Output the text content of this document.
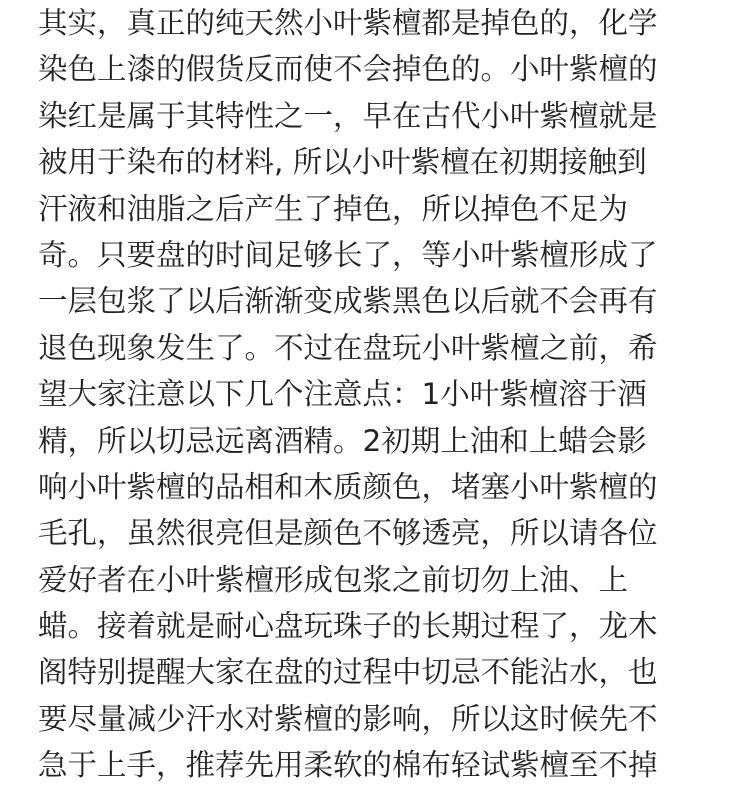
其实，真正的纯天然小叶紫檀都是掉色的，化学
染色上漆的假货反而使不会掉色的。小叶紫檀的
染红是属于其特性之一，早在古代小叶紫檀就是
被用于染布的材料, 所以小叶紫檀在初期接触到
汗液和油脂之后产生了掉色，所以掉色不足为
奇。只要盘的时间足够长了，等小叶紫檀形成了
一层包浆了以后渐渐变成紫黑色以后就不会再有
退色现象发生了。不过在盘玩小叶紫檀之前，希
望大家注意以下几个注意点：1小叶紫檀溶于酒
精，所以切忌远离酒精。2初期上油和上蜡会影
响小叶紫檀的品相和木质颜色，堵塞小叶紫檀的
毛孔，虽然很亮但是颜色不够透亮，所以请各位
爱好者在小叶紫檀形成包浆之前切勿上油、上
蜡。接着就是耐心盘玩珠子的长期过程了，龙木
阁特别提醒大家在盘的过程中切忌不能沾水，也
要尽量减少汗水对紫檀的影响，所以这时候先不
急于上手，推荐先用柔软的棉布轻试紫檀至不掉
